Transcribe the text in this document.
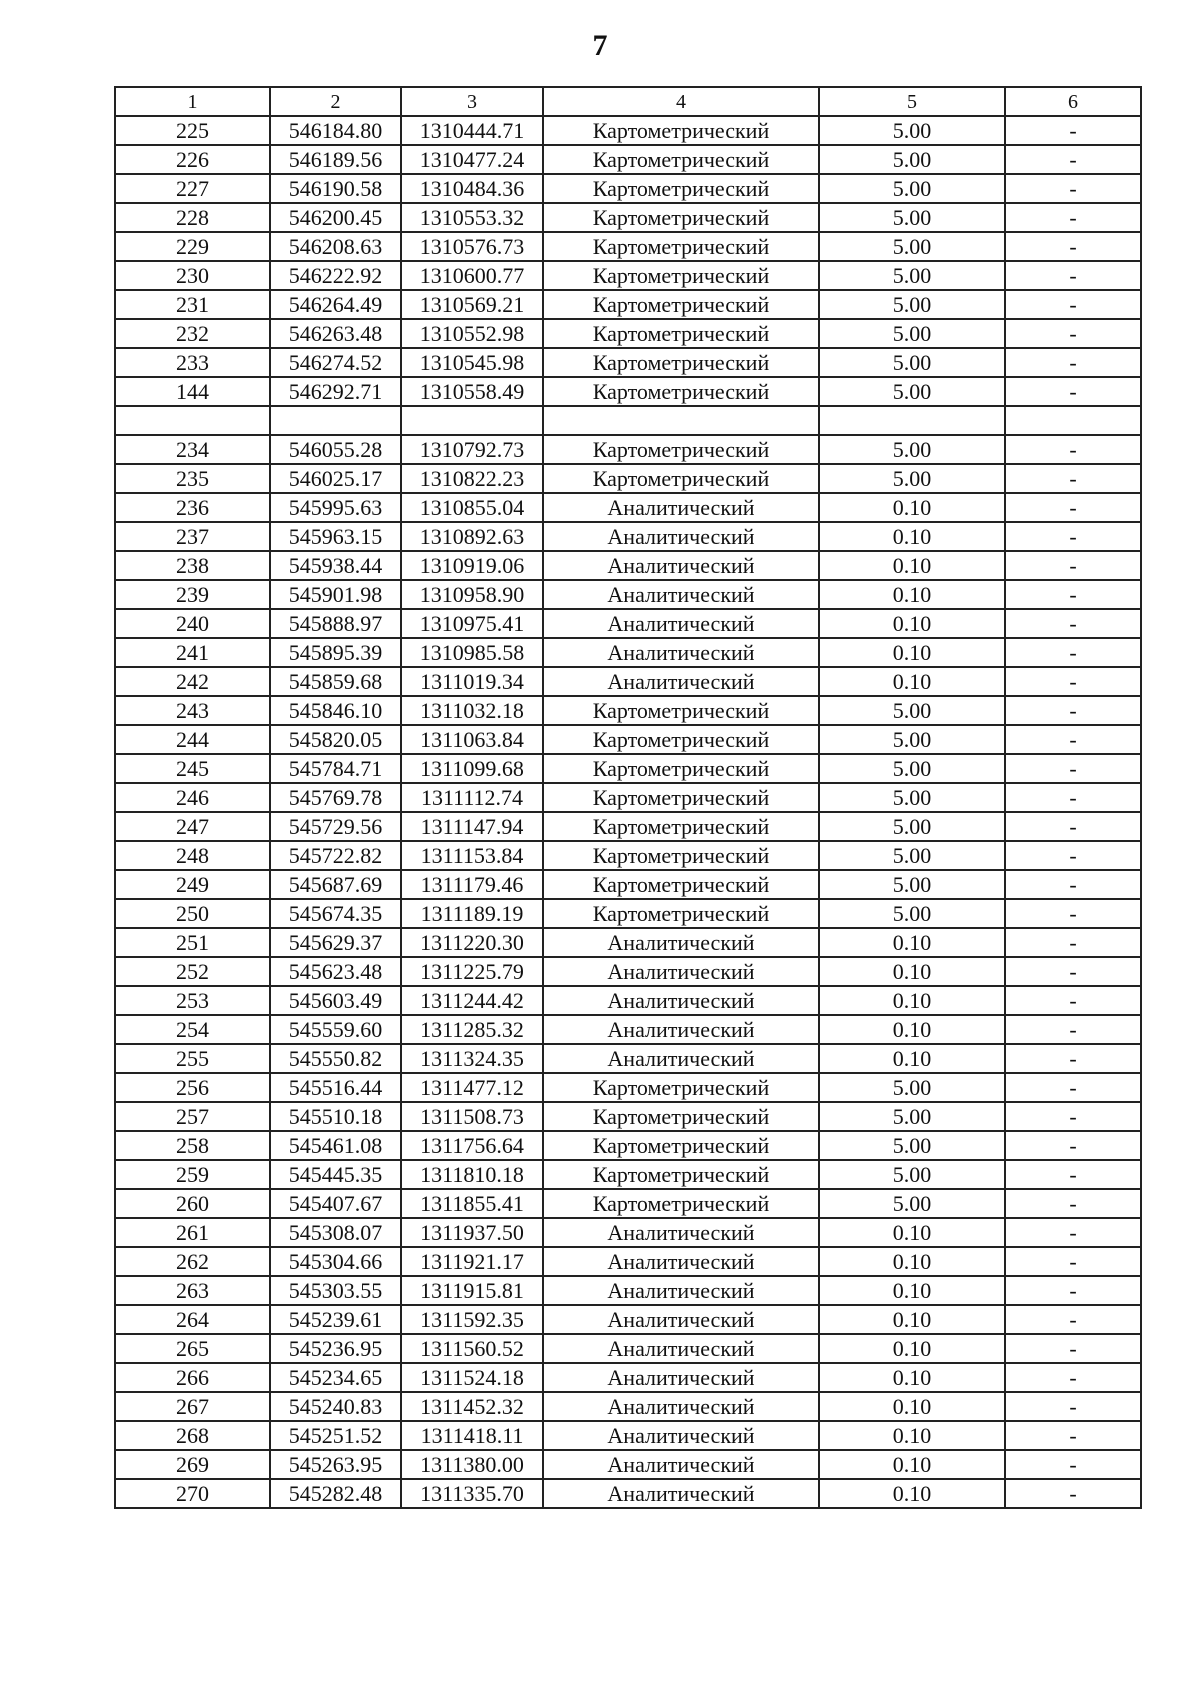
7
1	2	3	4	5	6
225	546184.80	1310444.71	Картометрический	5.00	-
226	546189.56	1310477.24	Картометрический	5.00	-
227	546190.58	1310484.36	Картометрический	5.00	-
228	546200.45	1310553.32	Картометрический	5.00	-
229	546208.63	1310576.73	Картометрический	5.00	-
230	546222.92	1310600.77	Картометрический	5.00	-
231	546264.49	1310569.21	Картометрический	5.00	-
232	546263.48	1310552.98	Картометрический	5.00	-
233	546274.52	1310545.98	Картометрический	5.00	-
144	546292.71	1310558.49	Картометрический	5.00	-

234	546055.28	1310792.73	Картометрический	5.00	-
235	546025.17	1310822.23	Картометрический	5.00	-
236	545995.63	1310855.04	Аналитический	0.10	-
237	545963.15	1310892.63	Аналитический	0.10	-
238	545938.44	1310919.06	Аналитический	0.10	-
239	545901.98	1310958.90	Аналитический	0.10	-
240	545888.97	1310975.41	Аналитический	0.10	-
241	545895.39	1310985.58	Аналитический	0.10	-
242	545859.68	1311019.34	Аналитический	0.10	-
243	545846.10	1311032.18	Картометрический	5.00	-
244	545820.05	1311063.84	Картометрический	5.00	-
245	545784.71	1311099.68	Картометрический	5.00	-
246	545769.78	1311112.74	Картометрический	5.00	-
247	545729.56	1311147.94	Картометрический	5.00	-
248	545722.82	1311153.84	Картометрический	5.00	-
249	545687.69	1311179.46	Картометрический	5.00	-
250	545674.35	1311189.19	Картометрический	5.00	-
251	545629.37	1311220.30	Аналитический	0.10	-
252	545623.48	1311225.79	Аналитический	0.10	-
253	545603.49	1311244.42	Аналитический	0.10	-
254	545559.60	1311285.32	Аналитический	0.10	-
255	545550.82	1311324.35	Аналитический	0.10	-
256	545516.44	1311477.12	Картометрический	5.00	-
257	545510.18	1311508.73	Картометрический	5.00	-
258	545461.08	1311756.64	Картометрический	5.00	-
259	545445.35	1311810.18	Картометрический	5.00	-
260	545407.67	1311855.41	Картометрический	5.00	-
261	545308.07	1311937.50	Аналитический	0.10	-
262	545304.66	1311921.17	Аналитический	0.10	-
263	545303.55	1311915.81	Аналитический	0.10	-
264	545239.61	1311592.35	Аналитический	0.10	-
265	545236.95	1311560.52	Аналитический	0.10	-
266	545234.65	1311524.18	Аналитический	0.10	-
267	545240.83	1311452.32	Аналитический	0.10	-
268	545251.52	1311418.11	Аналитический	0.10	-
269	545263.95	1311380.00	Аналитический	0.10	-
270	545282.48	1311335.70	Аналитический	0.10	-
